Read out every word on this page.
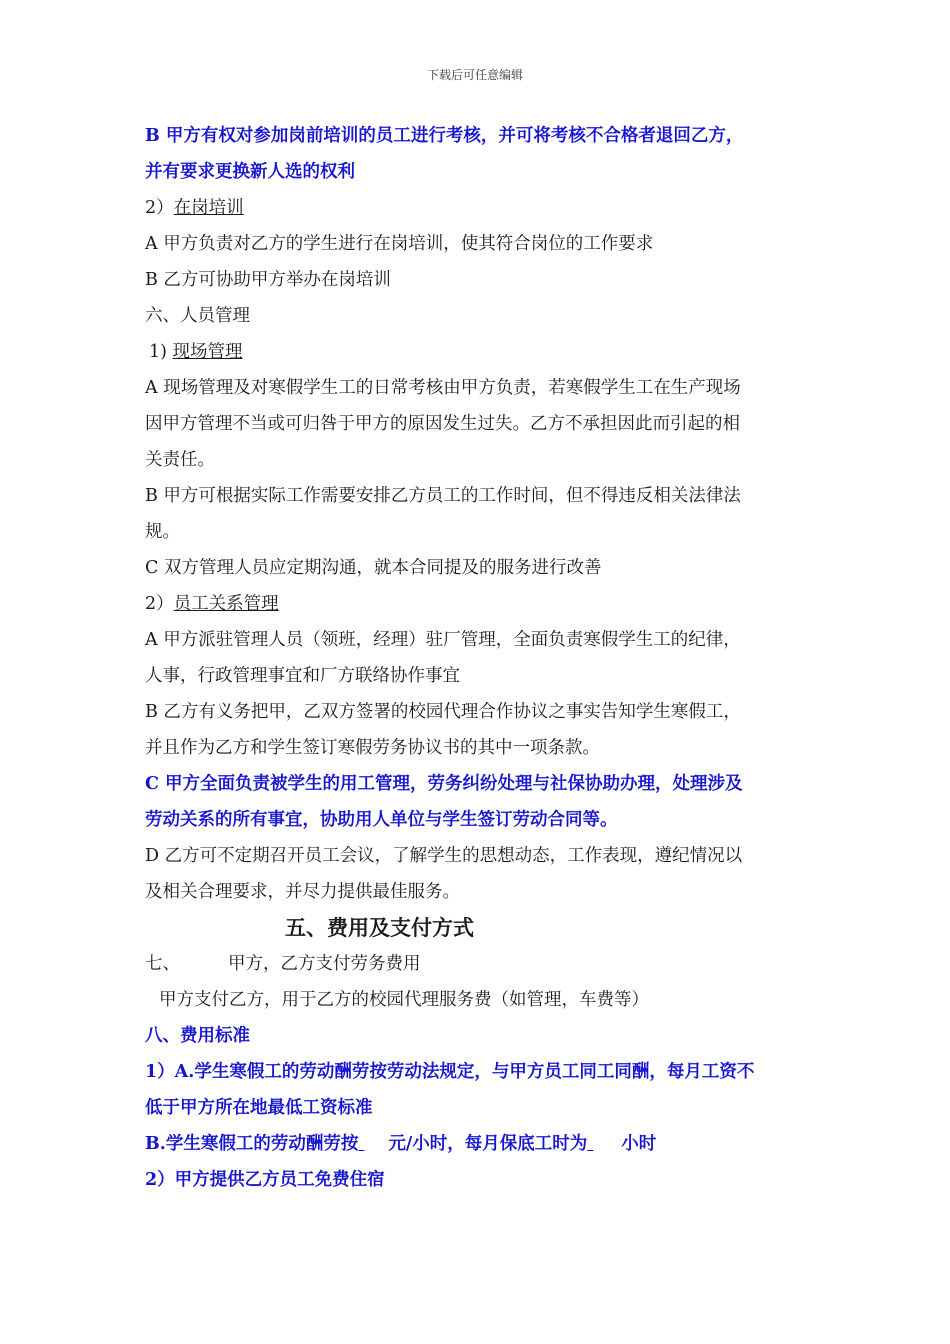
下载后可任意编辑

B 甲方有权对参加岗前培训的员工进行考核，并可将考核不合格者退回乙方，

并有要求更换新人选的权利

2）在岗培训

A 甲方负责对乙方的学生进行在岗培训，使其符合岗位的工作要求

B 乙方可协助甲方举办在岗培训

六、人员管理

1) 现场管理

A 现场管理及对寒假学生工的日常考核由甲方负责，若寒假学生工在生产现场

因甲方管理不当或可归咎于甲方的原因发生过失。乙方不承担因此而引起的相

关责任。

B 甲方可根据实际工作需要安排乙方员工的工作时间，但不得违反相关法律法

规。

C 双方管理人员应定期沟通，就本合同提及的服务进行改善

2）员工关系管理

A 甲方派驻管理人员（领班，经理）驻厂管理，全面负责寒假学生工的纪律，

人事，行政管理事宜和厂方联络协作事宜

B 乙方有义务把甲，乙双方签署的校园代理合作协议之事实告知学生寒假工，

并且作为乙方和学生签订寒假劳务协议书的其中一项条款。

C 甲方全面负责被学生的用工管理，劳务纠纷处理与社保协助办理，处理涉及

劳动关系的所有事宜，协助用人单位与学生签订劳动合同等。

D 乙方可不定期召开员工会议，了解学生的思想动态，工作表现，遵纪情况以

及相关合理要求，并尽力提供最佳服务。

五、费用及支付方式

七、	甲方，乙方支付劳务费用

甲方支付乙方，用于乙方的校园代理服务费（如管理，车费等）

八、费用标准

1）A.学生寒假工的劳动酬劳按劳动法规定，与甲方员工同工同酬，每月工资不

低于甲方所在地最低工资标准

B.学生寒假工的劳动酬劳按 元/小时，每月保底工时为 小时

2）甲方提供乙方员工免费住宿
